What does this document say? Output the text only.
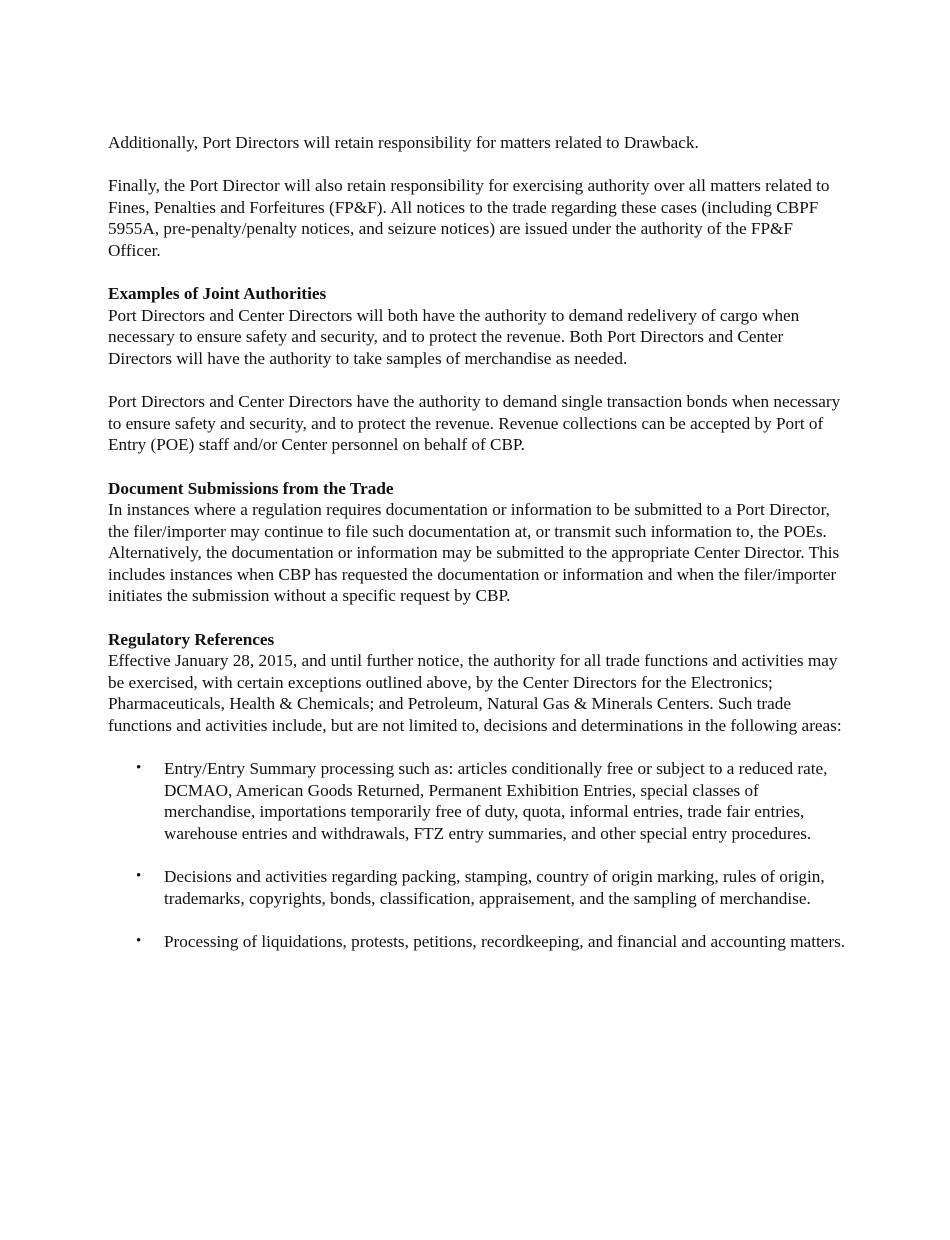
Additionally, Port Directors will retain responsibility for matters related to Drawback.

Finally, the Port Director will also retain responsibility for exercising authority over all matters related to Fines, Penalties and Forfeitures (FP&F). All notices to the trade regarding these cases (including CBPF 5955A, pre-penalty/penalty notices, and seizure notices) are issued under the authority of the FP&F Officer.

Examples of Joint Authorities

Port Directors and Center Directors will both have the authority to demand redelivery of cargo when necessary to ensure safety and security, and to protect the revenue. Both Port Directors and Center Directors will have the authority to take samples of merchandise as needed.

Port Directors and Center Directors have the authority to demand single transaction bonds when necessary to ensure safety and security, and to protect the revenue. Revenue collections can be accepted by Port of Entry (POE) staff and/or Center personnel on behalf of CBP.

Document Submissions from the Trade

In instances where a regulation requires documentation or information to be submitted to a Port Director, the filer/importer may continue to file such documentation at, or transmit such information to, the POEs. Alternatively, the documentation or information may be submitted to the appropriate Center Director. This includes instances when CBP has requested the documentation or information and when the filer/importer initiates the submission without a specific request by CBP.

Regulatory References

Effective January 28, 2015, and until further notice, the authority for all trade functions and activities may be exercised, with certain exceptions outlined above, by the Center Directors for the Electronics; Pharmaceuticals, Health & Chemicals; and Petroleum, Natural Gas & Minerals Centers. Such trade functions and activities include, but are not limited to, decisions and determinations in the following areas:

• Entry/Entry Summary processing such as: articles conditionally free or subject to a reduced rate, DCMAO, American Goods Returned, Permanent Exhibition Entries, special classes of merchandise, importations temporarily free of duty, quota, informal entries, trade fair entries, warehouse entries and withdrawals, FTZ entry summaries, and other special entry procedures.
• Decisions and activities regarding packing, stamping, country of origin marking, rules of origin, trademarks, copyrights, bonds, classification, appraisement, and the sampling of merchandise.
• Processing of liquidations, protests, petitions, recordkeeping, and financial and accounting matters.
